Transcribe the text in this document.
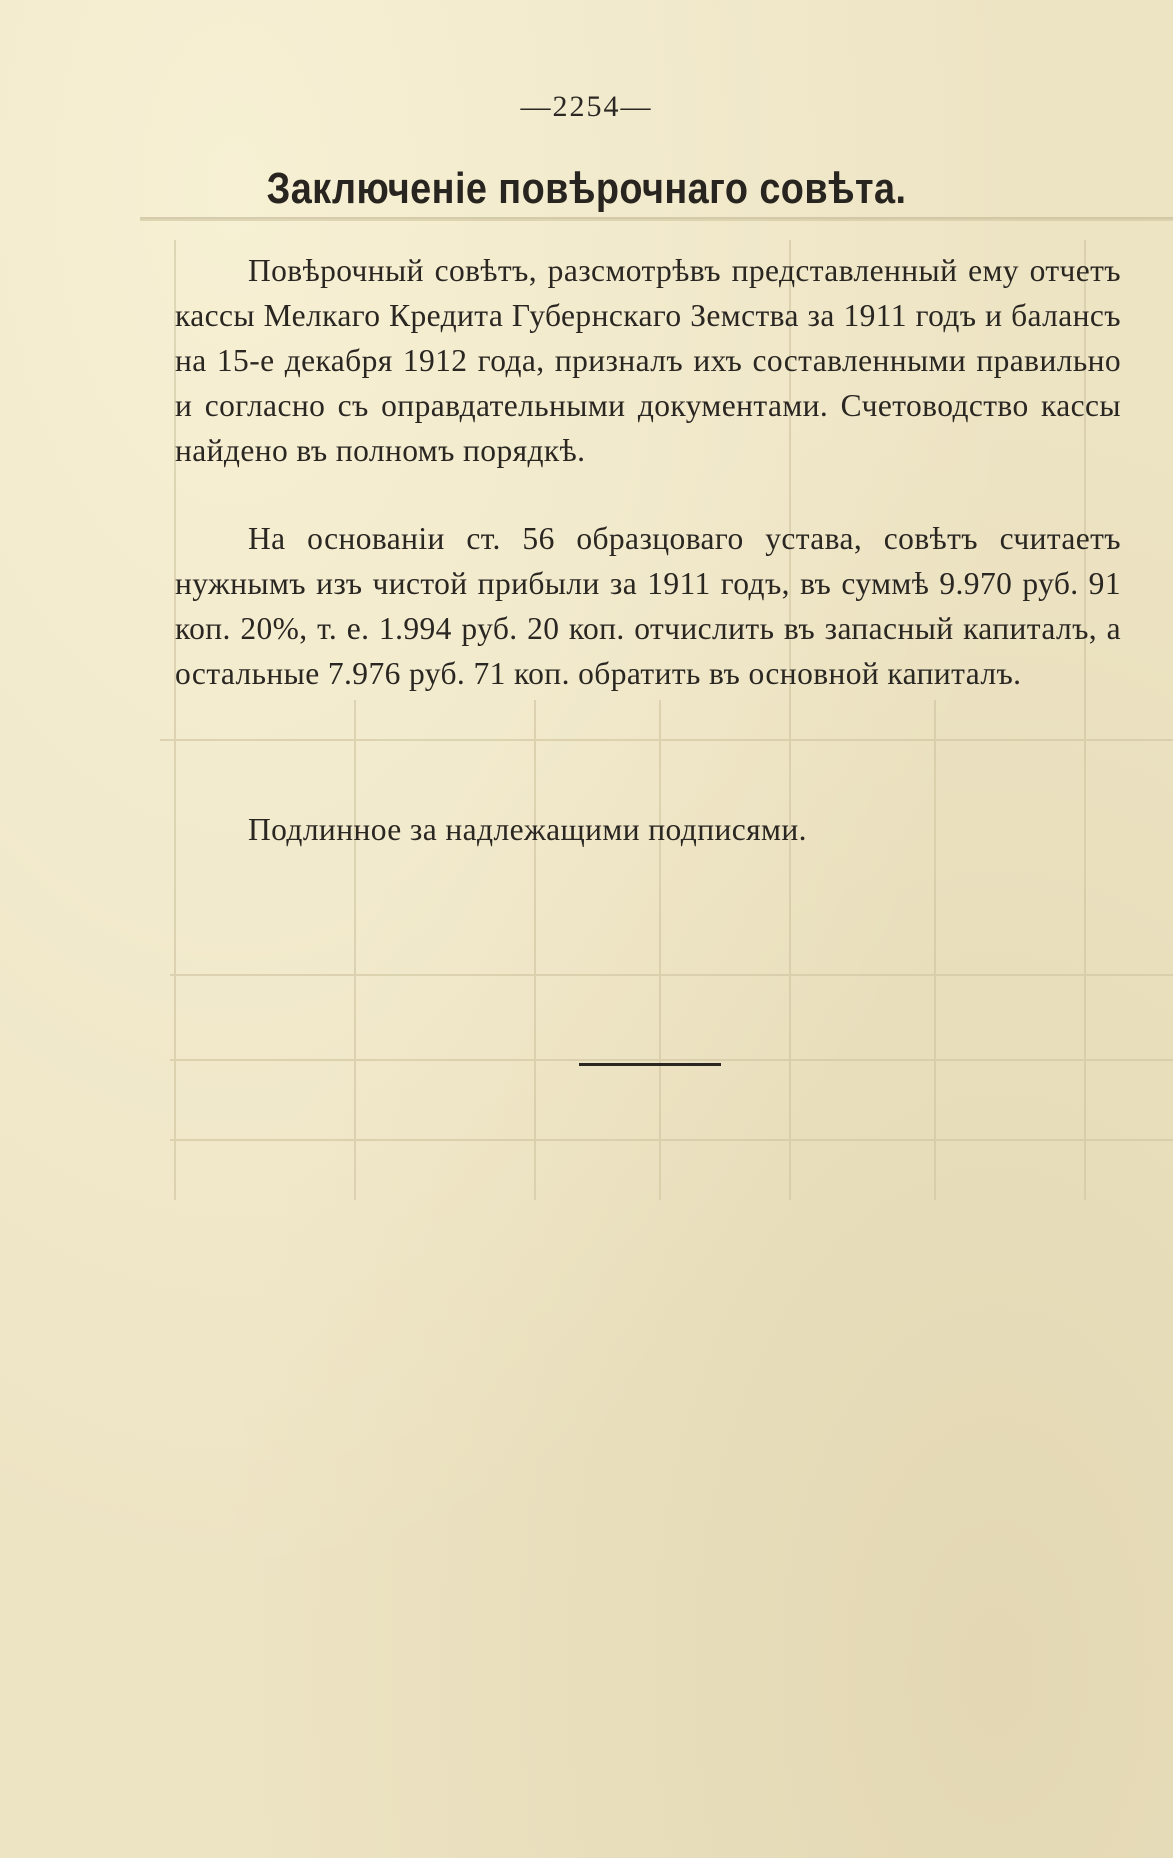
—2254—
Заключеніе повѣрочнаго совѣта.
Повѣрочный совѣтъ, разсмотрѣвъ представленный ему отчетъ кассы Мелкаго Кредита Губернскаго Земства за 1911 годъ и балансъ на 15-е декабря 1912 года, призналъ ихъ составленными правильно и согласно съ оправдательными документами. Счетоводство кассы найдено въ полномъ порядкѣ.
На основаніи ст. 56 образцоваго устава, совѣтъ считаетъ нужнымъ изъ чистой прибыли за 1911 годъ, въ суммѣ 9.970 руб. 91 коп. 20%, т. е. 1.994 руб. 20 коп. отчислить въ запасный капиталъ, а остальные 7.976 руб. 71 коп. обратить въ основной капиталъ.
Подлинное за надлежащими подписями.
